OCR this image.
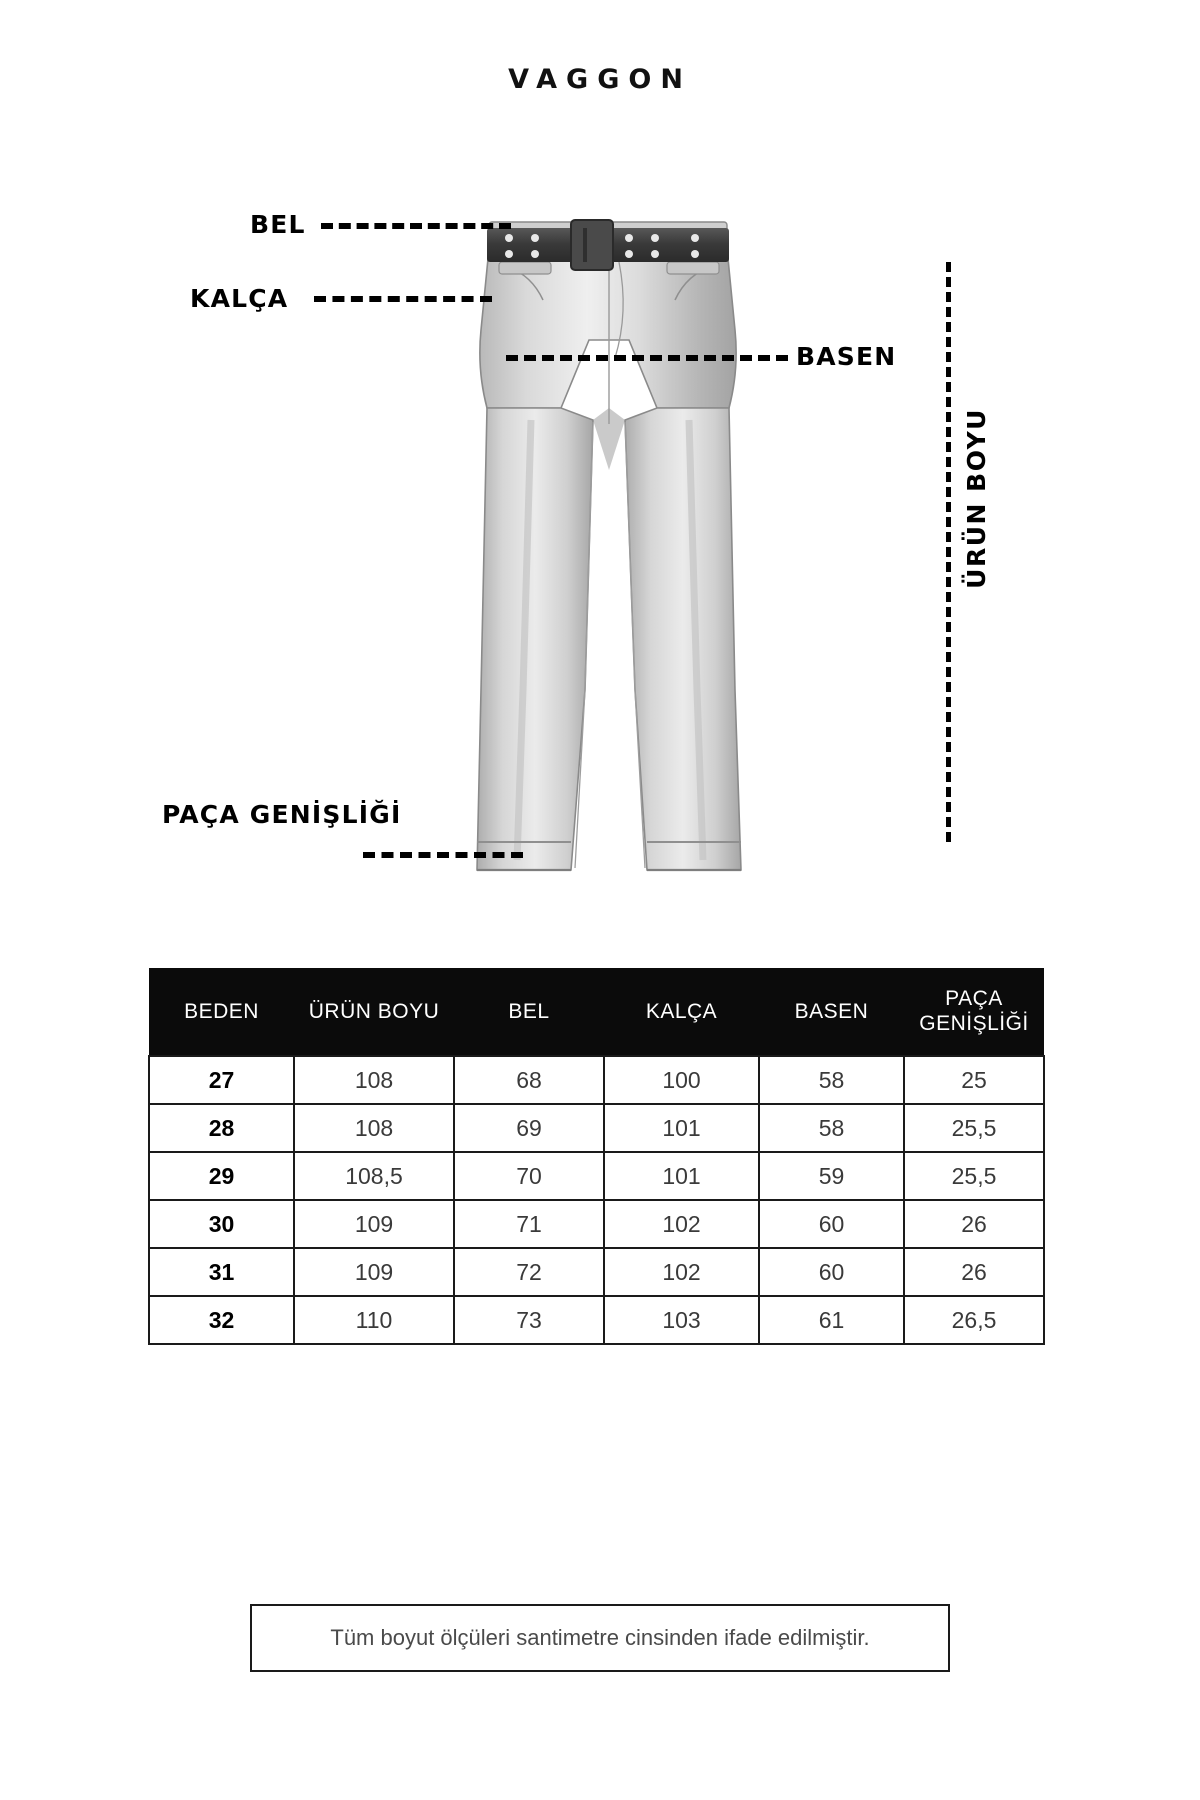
VAGGON
BEL
KALÇA
BASEN
PAÇA GENİŞLİĞİ
ÜRÜN BOYU
BEDEN	ÜRÜN BOYU	BEL	KALÇA	BASEN	PAÇA
GENİŞLİĞİ

27	108	68	100	58	25
28	108	69	101	58	25,5
29	108,5	70	101	59	25,5
30	109	71	102	60	26
31	109	72	102	60	26
32	110	73	103	61	26,5
Tüm boyut ölçüleri santimetre cinsinden ifade edilmiştir.
